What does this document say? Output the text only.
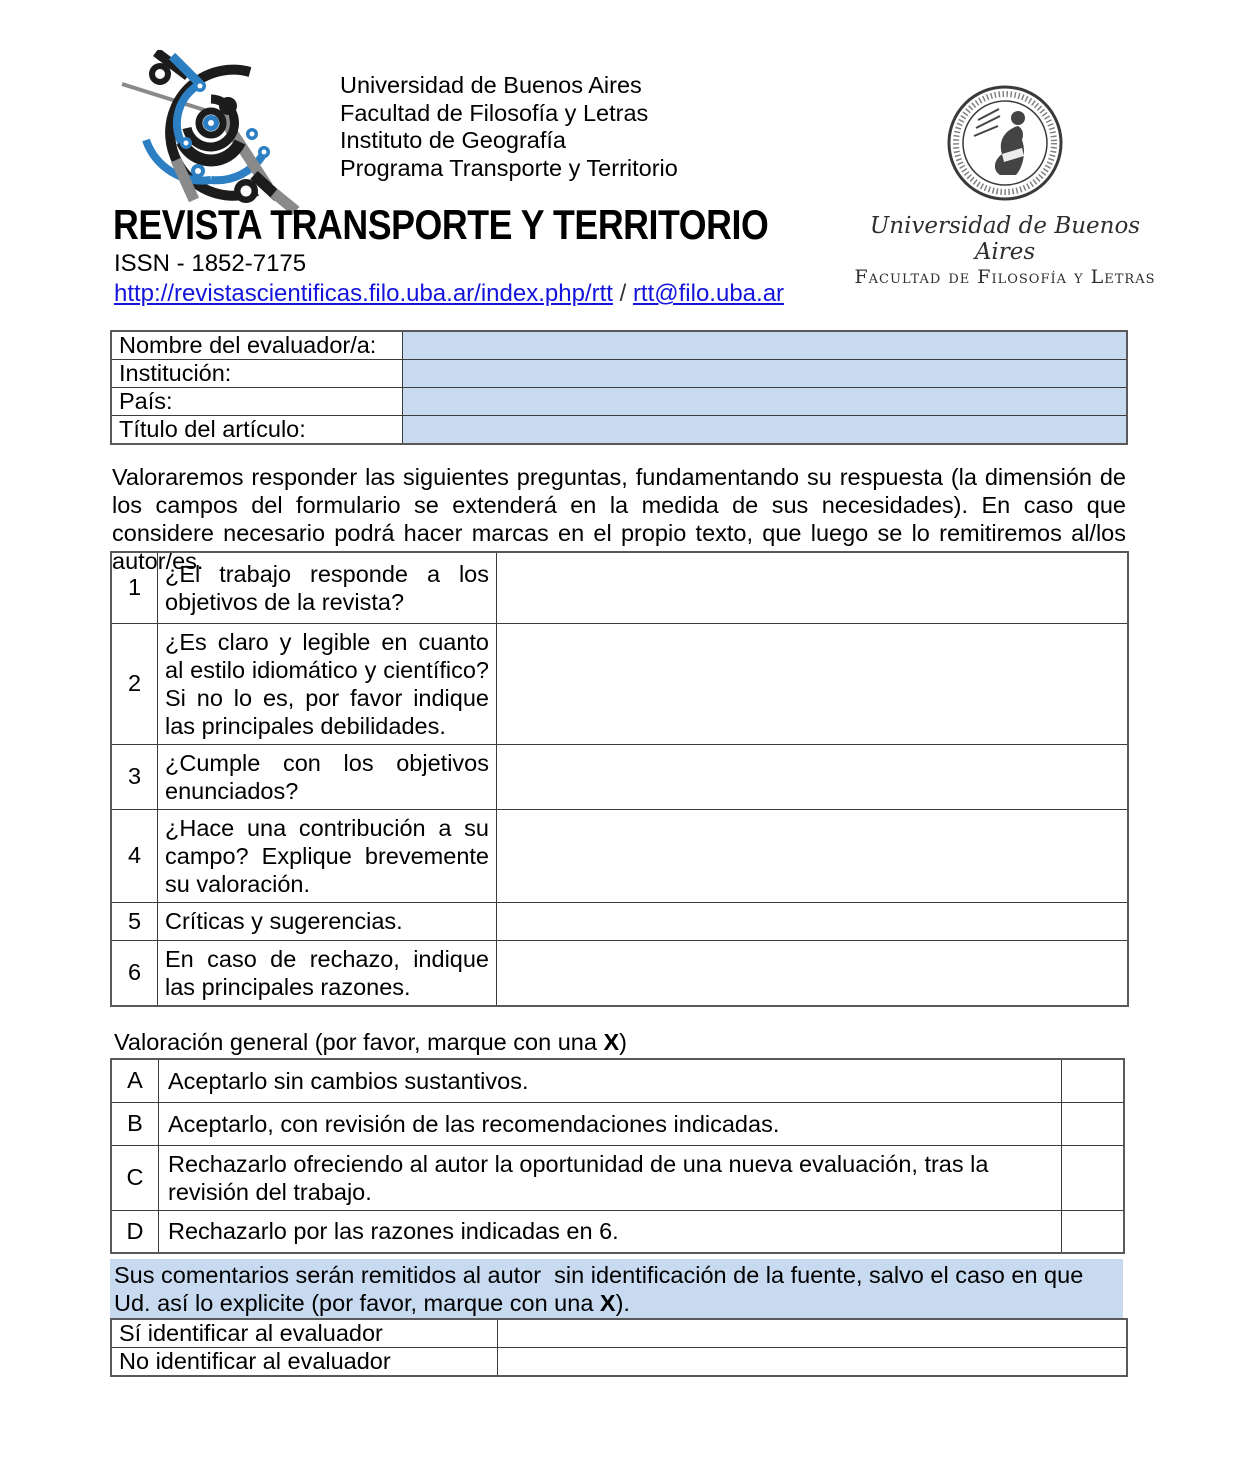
Universidad de Buenos Aires
Facultad de Filosofía y Letras
Instituto de Geografía
Programa Transporte y Territorio
Universidad de Buenos Aires
Facultad de Filosofía y Letras
REVISTA TRANSPORTE Y TERRITORIO
ISSN - 1852-7175
http://revistascientificas.filo.uba.ar/index.php/rtt / rtt@filo.uba.ar
Nombre del evaluador/a:	
Institución:	
País:	
Título del artículo:	
Valoraremos responder las siguientes preguntas, fundamentando su respuesta (la dimensión de los campos del formulario se extenderá en la medida de sus necesidades). En caso que considere necesario podrá hacer marcas en el propio texto, que luego se lo remitiremos al/los autor/es.
1	¿El trabajo responde a los objetivos de la revista?	
2	¿Es claro y legible en cuanto al estilo idiomático y científico? Si no lo es, por favor indique las principales debilidades.	
3	¿Cumple con los objetivos enunciados?	
4	¿Hace una contribución a su campo? Explique brevemente su valoración.	
5	Críticas y sugerencias.	
6	En caso de rechazo, indique las principales razones.	
Valoración general (por favor, marque con una X)
A	Aceptarlo sin cambios sustantivos.	
B	Aceptarlo, con revisión de las recomendaciones indicadas.	
C	Rechazarlo ofreciendo al autor la oportunidad de una nueva evaluación, tras la revisión del trabajo.	
D	Rechazarlo por las razones indicadas en 6.	
Sus comentarios serán remitidos al autor  sin identificación de la fuente, salvo el caso en que Ud. así lo explicite (por favor, marque con una X).
Sí identificar al evaluador	
No identificar al evaluador	
